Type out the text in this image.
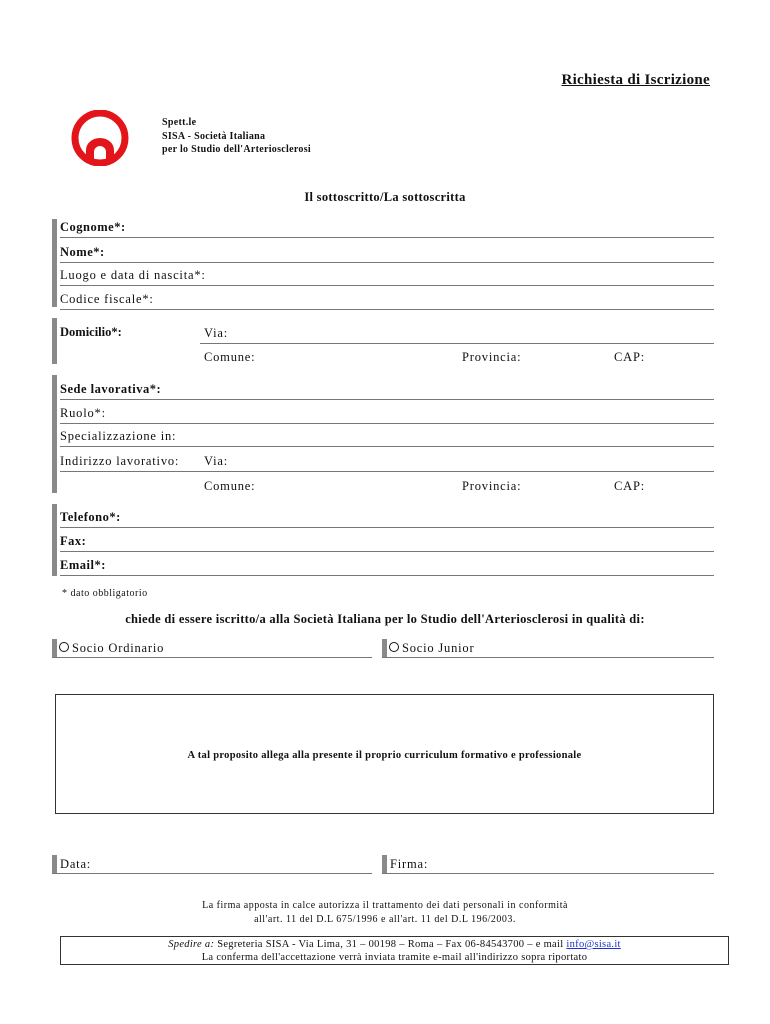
Richiesta di Iscrizione
Spett.le
SISA - Società Italiana
per lo Studio dell'Arteriosclerosi
Il sottoscritto/La sottoscritta
Cognome*:
Nome*:
Luogo e data di nascita*:
Codice fiscale*:
Domicilio*:	Via:
Comune:	Provincia:	CAP:
Sede lavorativa*:
Ruolo*:
Specializzazione in:
Indirizzo lavorativo: Via:
Comune:	Provincia:	CAP:
Telefono*:
Fax:
Email*:
* dato obbligatorio
chiede di essere iscritto/a alla Società Italiana per lo Studio dell'Arteriosclerosi in qualità di:
Socio Ordinario	Socio Junior
A tal proposito allega alla presente il proprio curriculum formativo e professionale
Data:	Firma:
La firma apposta in calce autorizza il trattamento dei dati personali in conformità
all'art. 11 del D.L 675/1996 e all'art. 11 del D.L 196/2003.
Spedire a: Segreteria SISA - Via Lima, 31 – 00198 – Roma – Fax 06-84543700 – e mail info@sisa.it
La conferma dell'accettazione verrà inviata tramite e-mail all'indirizzo sopra riportato
